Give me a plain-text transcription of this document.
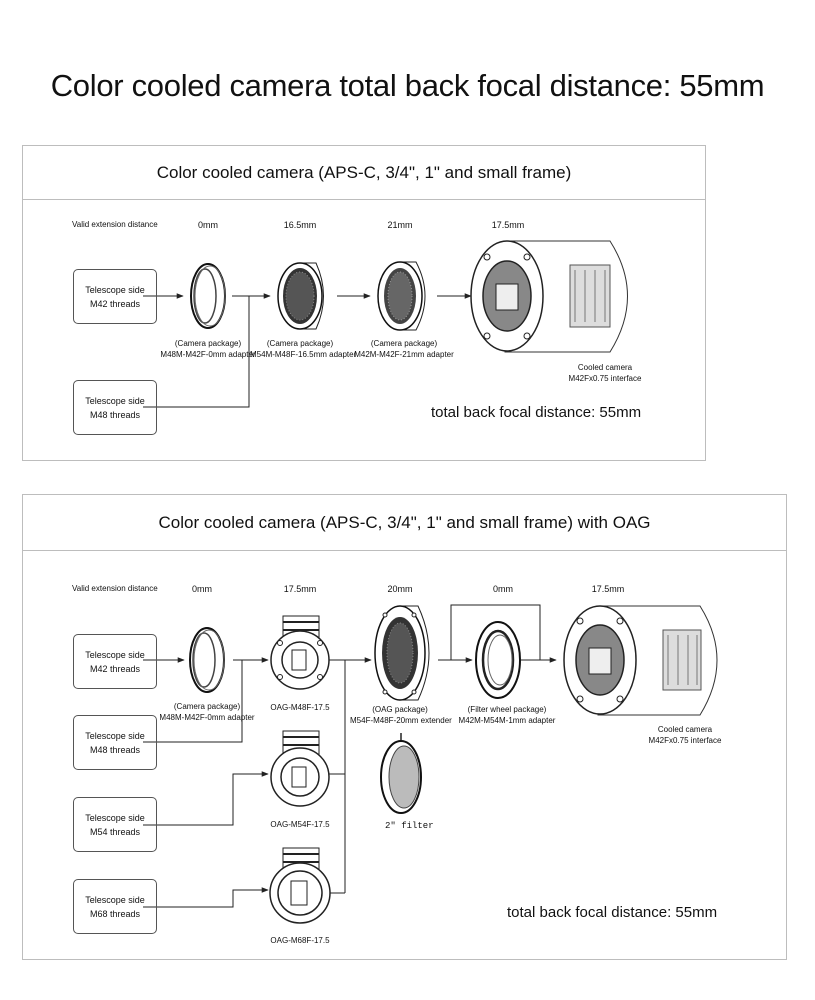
Color cooled camera total back focal distance: 55mm
Color cooled camera (APS-C, 3/4", 1" and small frame)
Valid extension distance	0mm	16.5mm	21mm	17.5mm
Telescope side
M42 threads
Telescope side
M48 threads
(Camera package)
M48M-M42F-0mm adapter
(Camera package)
M54M-M48F-16.5mm adapter
(Camera package)
M42M-M42F-21mm adapter
Cooled camera
M42Fx0.75 interface
total back focal distance: 55mm
Color cooled camera (APS-C, 3/4", 1" and small frame) with OAG
Valid extension distance	0mm	17.5mm	20mm	0mm	17.5mm
Telescope side
M42 threads
Telescope side
M48 threads
Telescope side
M54 threads
Telescope side
M68 threads
(Camera package)
M48M-M42F-0mm adapter
OAG-M48F-17.5
OAG-M54F-17.5
OAG-M68F-17.5
(OAG package)
M54F-M48F-20mm extender
2" filter
(Filter wheel package)
M42M-M54M-1mm adapter
Cooled camera
M42Fx0.75 interface
total back focal distance: 55mm
